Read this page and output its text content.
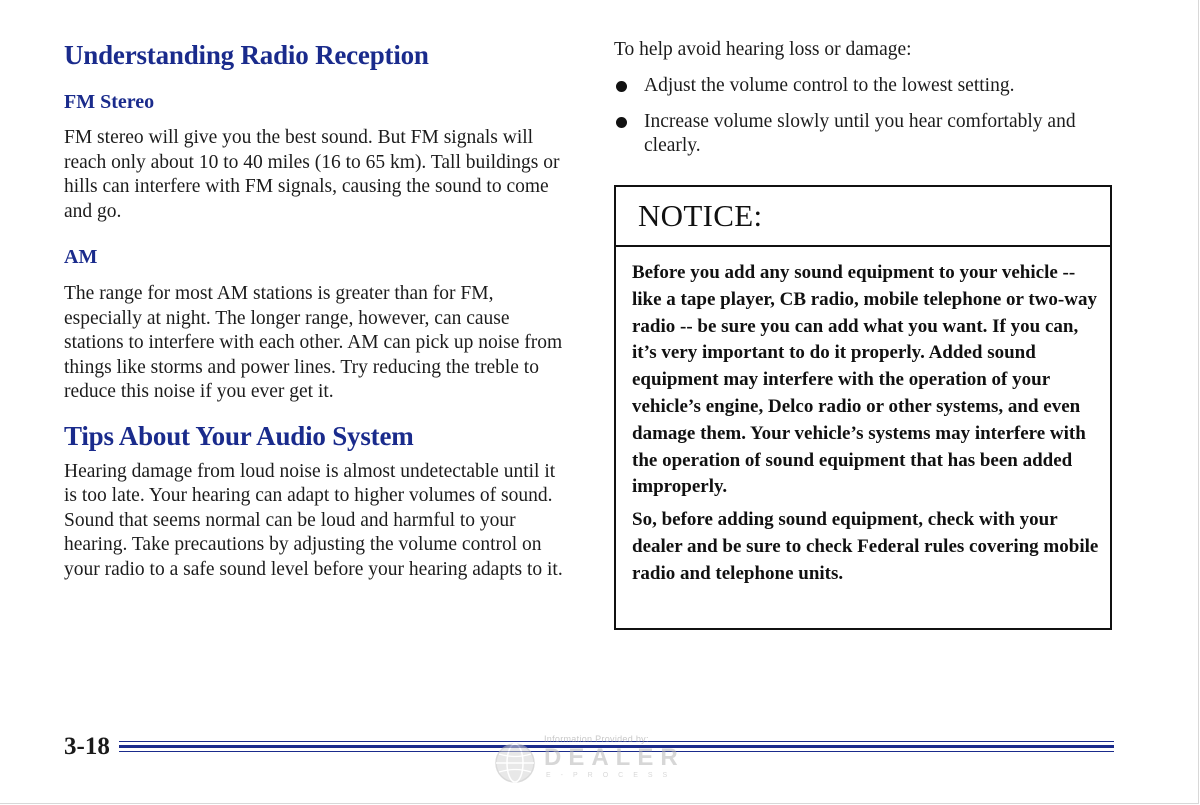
Understanding Radio Reception
FM Stereo

FM stereo will give you the best sound. But FM signals will reach only about 10 to 40 miles (16 to 65 km). Tall buildings or hills can interfere with FM signals, causing the sound to come and go.

AM

The range for most AM stations is greater than for FM, especially at night. The longer range, however, can cause stations to interfere with each other. AM can pick up noise from things like storms and power lines. Try reducing the treble to reduce this noise if you ever get it.

Tips About Your Audio System

Hearing damage from loud noise is almost undetectable until it is too late. Your hearing can adapt to higher volumes of sound. Sound that seems normal can be loud and harmful to your hearing. Take precautions by adjusting the volume control on your radio to a safe sound level before your hearing adapts to it.

To help avoid hearing loss or damage:

Adjust the volume control to the lowest setting.
Increase volume slowly until you hear comfortably and clearly.
NOTICE:

Before you add any sound equipment to your vehicle -- like a tape player, CB radio, mobile telephone or two-way radio -- be sure you can add what you want. If you can, it’s very important to do it properly. Added sound equipment may interfere with the operation of your vehicle’s engine, Delco radio or other systems, and even damage them. Your vehicle’s systems may interfere with the operation of sound equipment that has been added improperly.

So, before adding sound equipment, check with your dealer and be sure to check Federal rules covering mobile radio and telephone units.

3-18	Information Provided by:
DEALER
E-PROCESS
